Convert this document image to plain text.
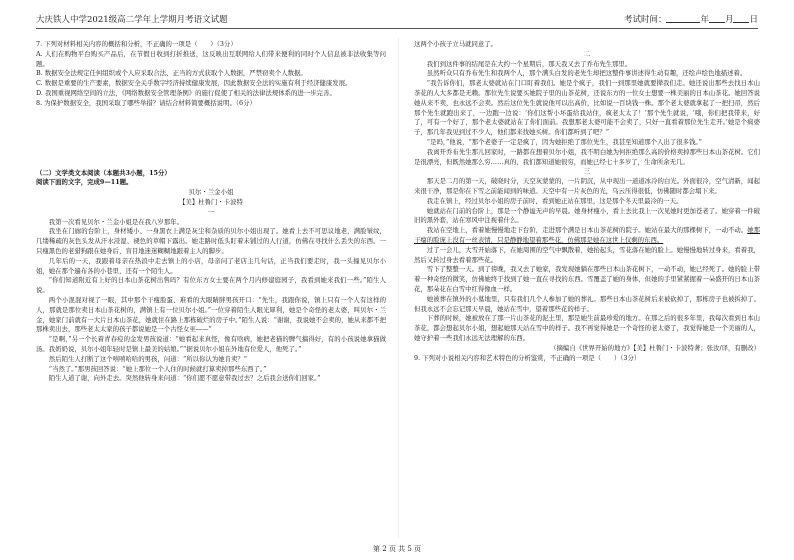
大庆铁人中学2021级高二学年上学期月考语文试题	考试时间：	年 月 日

7. 下列对材料相关内容的概括和分析，不正确的一项是（　　）（3分）

A. 人们在购物平台购买产品后，在节假日收到打折推送，这反映出互联网给人们带来便利的同时个人信息被非法收集等问题。

B. 数据安全法规定任何组织或个人应采取合法、正当的方式获取个人数据，严禁窃卖个人数据。

C. 数据是重要的生产要素，数据安全关乎数字经济持续健康发展，因此数据安全法的实施有利于经济健康发展。

D. 我国重视网络空间的立法，《网络数据安全管理条例》的施行促使了相关的法律法规体系的进一步完善。

8. 为保护数据安全，我国采取了哪些举措？请结合材料简要概括说明。（6分）

（二）文学类文本阅读（本题共3小题，15分）

阅读下面的文字，完成9—11题。

贝尔・兰金小姐

【美】杜鲁门・卡波特

一

我第一次看见贝尔・兰金小姐是在我八岁那年。

我坐在门廊的台阶上，身材矮小、一身黑衣上满是灰尘和杂质的贝尔小姐出现了。她看上去不可思议地老，满脸皱纹，几缕稀疏的灰色头发从汗水浸湿、褪色的草帽下露出。她走路时低头盯着未铺过的人行道，仿佛在寻找什么丢失的东西。一只瘦黑色的老猎狗跟在她身后，盲目地迷迷糊糊地跟着主人的脚步。

几年后的一天，我跟着母亲在热浪中走去镇上的小店，母亲问了老店主几句话，正当我们要走时，我一头撞见贝尔小姐，她在那个遍布各的小巷里，还有一个陌生人。

“你们知道附近有上好的日本山茶花树出售吗？有位东方女士要在两个月内修建庭园子，我看到她来我们一些。”陌生人说。

两个小混混对视了一眼，其中那个干瘦脸蛋、难看的大眼睛胖男孩开口：“先生，我跟你说，镇上只有一个人有这样的人，那就是那位卖日本山茶花树的，满镇上有一位贝尔小姐。”一位穿着陌生人眼光犀利，她是个奇怪的老太婆，叫贝尔・兰金，她家门前就有一大片日本山茶花，她就住在路上那栋破烂的房子中。”陌生人说：“谢谢，我说她不会卖的，她从来都不把那株卖出去，那些老太太家的孩子都说她是一个古怪女巫——”

“是啊，”另一个长着青春痘的金发男孩说道：“她看起来真怪，像有啥病，她把老猫的脾气搞得好，有的小孩说她拿猫做汤。我奶奶说，贝尔小姐年轻时是镇上最美的姑娘。”“据说贝尔小姐在外地有位爱人，他死了。”

然后陌生人打断了这个嘻嘻哈哈的男孩，问道：“所以你认为她肯卖？”

“当然了。”那男孩回答说：“她上那位一个人住的时候就打算卖掉那些东西了。”

陌生人道了谢，向外走去。突然他转身来问道：“你们愿不愿意带我过去？之后我会送你们回家。”

这两个小孩子立马就同意了。

二

我们到这件事的结尾是在大约一个星期后，那天我又去了乔布先生那里。

虽然听众只有乔布先生和我两个人，那个满头白发的老先生却把这整件事讲述得生动有趣，还绘声绘色地描述着。

“我告诉你们，那老太婆就站在门口盯着我们。她是个疯子，我们一到那里她就要撵我们走。她还说出那些去找日本山茶花的人大多都是无赖。那位先生说要买她院子里的山茶花树，还说东方的一位女士想要一株美丽的日本山茶花。她回答说她从来不卖，也永远不会卖。然后这位先生就说他可以出高价，比如说一百块钱一株。那个老太婆就拿起了一把扫帚，然后那个先生就跑出来了，一边跑一边说：‘你们这帮小坏蛋给我站住，疯老太太了！’那个先生就说，‘哦，你们把我带来，好了，可有一个好了，那个老太婆就站在了你们面前。我想那老太婆可能不会卖了，只好一直看着那位先生走开。’她是个疯婆子，那几年我见到过不少人，他们都来找她买树。你们都听到了吧？”

“是吗，”他说，“那个老婆子一定是疯了，因为她拒绝了那位先生，我甚至知道那个人出了很多钱。”

我离开乔布先生那儿回家时，一路都在想着贝尔小姐，我不明白她为何拒绝那么高的价格卖掉那些日本山茶花树。它们是很漂亮，但既然她那么穷……真的，我们都知道她很穷，而她已经七十多岁了，生命所余无几。

三

那天是二月的第一天，破晓时分，天空灰蒙蒙的，一片阴沉，从中现出一道道冰冷的白光。外面很冷，空气清新，闻起来很干净，那是你在下雪之前能闻到的味道。天空中有一片灰色的光，乌云压得很低，仿佛随时都会塌下来。

我走在镇上，经过贝尔小姐的房子前时，看到她正站在那里，这是那个冬天里最冷的一天。

她就站在门前的台阶上，那是一个静谧无声的早晨。她身材瘦小，看上去比我上一次见她时更加苍老了。她穿着一件破旧的黑外套，站在寒风中注视着什么。

我站在空地上，看着她慢慢地走下台阶，走进那个满是日本山茶花树的院子。她站在最大的那棵树下，一动不动。她那干瘪的脸庞上没有一丝表情，只是静静地望着那些花，仿佛那是她在这世上仅剩的东西。

过了一会儿，大雪开始落下，在她周围的空气中飘散着，她抬起头，雪花落在她的脸上。她慢慢地转过身来，看着我，然后又转过身去看着那些花。

雪下了整整一天。到了傍晚，我又去了她家，我发现她躺在那些日本山茶花树下，一动不动，她已经死了。她的脸上带着一种奇怪的微笑，仿佛她终于找到了她一直在寻找的东西。雪覆盖了她的身体，但她的手里紧紧握着一朵盛开的日本山茶花，那朵花在白雪中红得像血一样。

她被葬在镇外的小墓地里，只有我们几个人参加了她的葬礼。那些日本山茶花树后来被砍掉了，那栋房子也被拆掉了。但我永远不会忘记那天早晨，她站在雪中，望着那些花的样子。

下葬的时候，她被放在了那一片山茶花的泥土里，那是她生前最珍爱的地方。在那之后的很多年里，我每次看到日本山茶花，都会想起贝尔小姐，想起她那天站在雪中的样子。我不再觉得她是一个奇怪的老太婆了，我觉得她是一个美丽的人，她守护着一些我们永远无法理解的东西。

（摘编自《世界开始的地方》【美】杜鲁门・卡波特著；张汝/译，有删改）

9. 下列对小说相关内容和艺术特色的分析鉴赏，不正确的一项是（　　）（3分）

第 2 页 共 5 页
